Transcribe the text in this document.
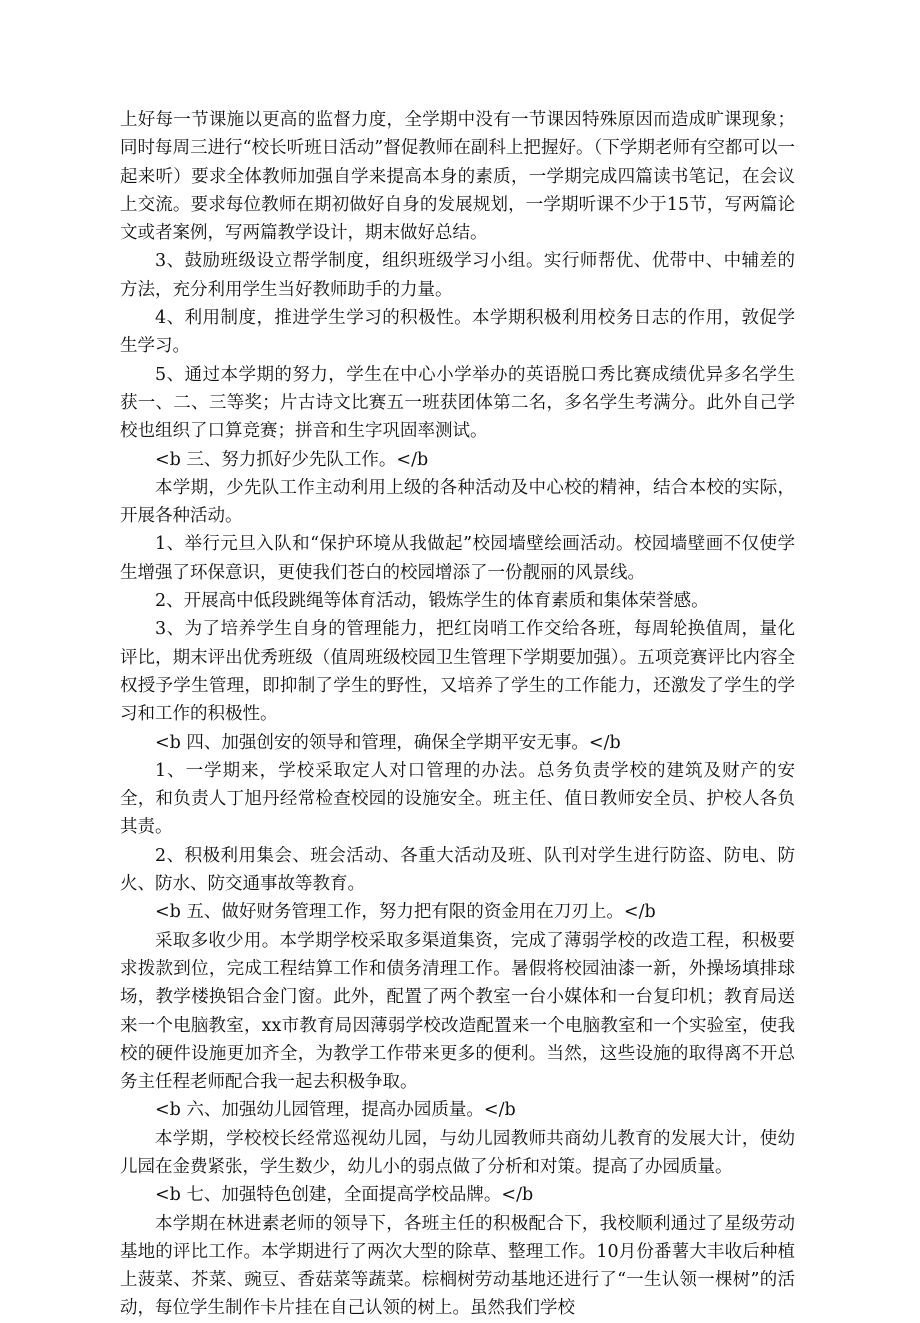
上好每一节课施以更高的监督力度，全学期中没有一节课因特殊原因而造成旷课现象；同时每周三进行“校长听班日活动”督促教师在副科上把握好。（下学期老师有空都可以一起来听）要求全体教师加强自学来提高本身的素质，一学期完成四篇读书笔记，在会议上交流。要求每位教师在期初做好自身的发展规划，一学期听课不少于15节，写两篇论文或者案例，写两篇教学设计，期末做好总结。

3、鼓励班级设立帮学制度，组织班级学习小组。实行师帮优、优带中、中辅差的方法，充分利用学生当好教师助手的力量。

4、利用制度，推进学生学习的积极性。本学期积极利用校务日志的作用，敦促学生学习。

5、通过本学期的努力，学生在中心小学举办的英语脱口秀比赛成绩优异多名学生获一、二、三等奖；片古诗文比赛五一班获团体第二名，多名学生考满分。此外自己学校也组织了口算竞赛；拼音和生字巩固率测试。

<b 三、努力抓好少先队工作。</b

本学期，少先队工作主动利用上级的各种活动及中心校的精神，结合本校的实际，开展各种活动。

1、举行元旦入队和“保护环境从我做起”校园墙壁绘画活动。校园墙壁画不仅使学生增强了环保意识，更使我们苍白的校园增添了一份靓丽的风景线。

2、开展高中低段跳绳等体育活动，锻炼学生的体育素质和集体荣誉感。

3、为了培养学生自身的管理能力，把红岗哨工作交给各班，每周轮换值周，量化评比，期末评出优秀班级（值周班级校园卫生管理下学期要加强）。五项竞赛评比内容全权授予学生管理，即抑制了学生的野性，又培养了学生的工作能力，还激发了学生的学习和工作的积极性。

<b 四、加强创安的领导和管理，确保全学期平安无事。</b

1、一学期来，学校采取定人对口管理的办法。总务负责学校的建筑及财产的安全，和负责人丁旭丹经常检查校园的设施安全。班主任、值日教师安全员、护校人各负其责。

2、积极利用集会、班会活动、各重大活动及班、队刊对学生进行防盗、防电、防火、防水、防交通事故等教育。

<b 五、做好财务管理工作，努力把有限的资金用在刀刃上。</b

采取多收少用。本学期学校采取多渠道集资，完成了薄弱学校的改造工程，积极要求拨款到位，完成工程结算工作和债务清理工作。暑假将校园油漆一新，外操场填排球场，教学楼换铝合金门窗。此外，配置了两个教室一台小媒体和一台复印机；教育局送来一个电脑教室，xx市教育局因薄弱学校改造配置来一个电脑教室和一个实验室，使我校的硬件设施更加齐全，为教学工作带来更多的便利。当然，这些设施的取得离不开总务主任程老师配合我一起去积极争取。

<b 六、加强幼儿园管理，提高办园质量。</b

本学期，学校校长经常巡视幼儿园，与幼儿园教师共商幼儿教育的发展大计，使幼儿园在金费紧张，学生数少，幼儿小的弱点做了分析和对策。提高了办园质量。

<b 七、加强特色创建，全面提高学校品牌。</b

本学期在林进素老师的领导下，各班主任的积极配合下，我校顺利通过了星级劳动基地的评比工作。本学期进行了两次大型的除草、整理工作。10月份番薯大丰收后种植上菠菜、芥菜、豌豆、香菇菜等蔬菜。棕榈树劳动基地还进行了“一生认领一棵树”的活动，每位学生制作卡片挂在自己认领的树上。虽然我们学校
